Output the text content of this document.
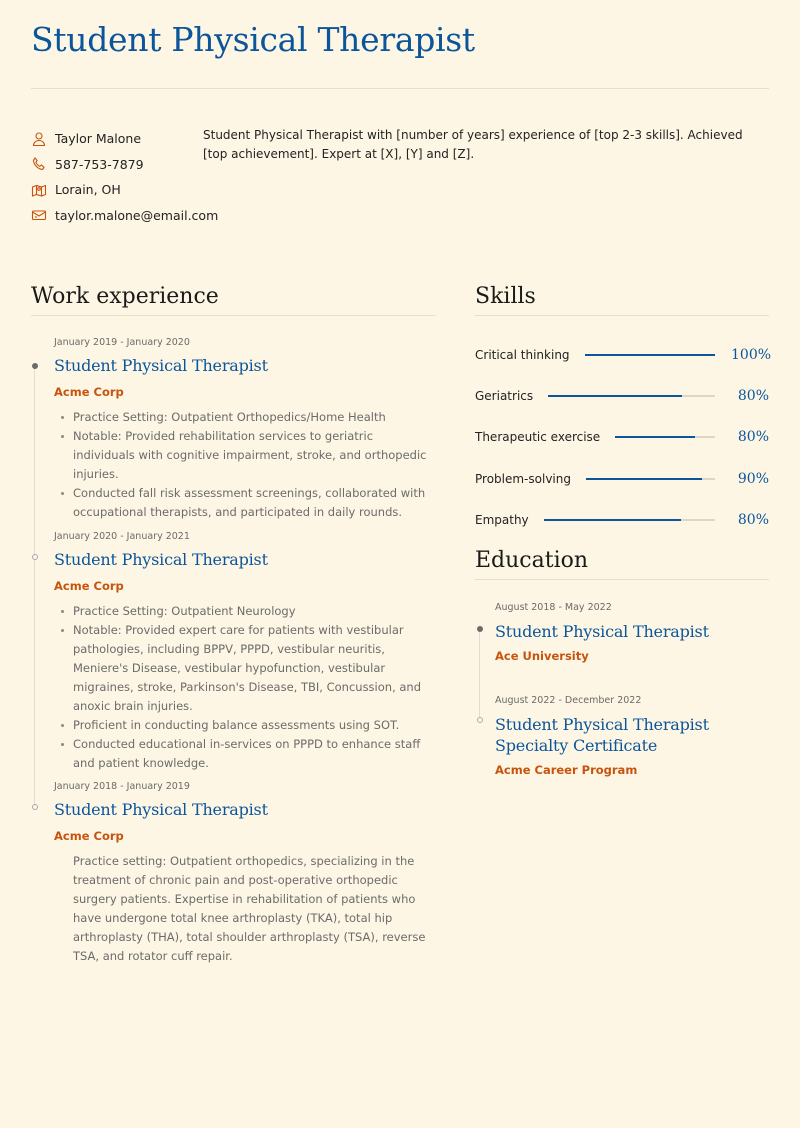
Student Physical Therapist
Taylor Malone
587-753-7879
Lorain, OH
taylor.malone@email.com

Student Physical Therapist with [number of years] experience of [top 2-3 skills]. Achieved [top achievement]. Expert at [X], [Y] and [Z].

Work experience
January 2019 - January 2020
Student Physical Therapist
Acme Corp
Practice Setting: Outpatient Orthopedics/Home Health
Notable: Provided rehabilitation services to geriatric individuals with cognitive impairment, stroke, and orthopedic injuries.
Conducted fall risk assessment screenings, collaborated with occupational therapists, and participated in daily rounds.
January 2020 - January 2021
Student Physical Therapist
Acme Corp
Practice Setting: Outpatient Neurology
Notable: Provided expert care for patients with vestibular pathologies, including BPPV, PPPD, vestibular neuritis, Meniere's Disease, vestibular hypofunction, vestibular migraines, stroke, Parkinson's Disease, TBI, Concussion, and anoxic brain injuries.
Proficient in conducting balance assessments using SOT.
Conducted educational in-services on PPPD to enhance staff and patient knowledge.
January 2018 - January 2019
Student Physical Therapist
Acme Corp

Practice setting: Outpatient orthopedics, specializing in the treatment of chronic pain and post-operative orthopedic surgery patients. Expertise in rehabilitation of patients who have undergone total knee arthroplasty (TKA), total hip arthroplasty (THA), total shoulder arthroplasty (TSA), reverse TSA, and rotator cuff repair.

Skills
Critical thinking	100%
Geriatrics	80%
Therapeutic exercise	80%
Problem-solving	90%
Empathy	80%
Education
August 2018 - May 2022
Student Physical Therapist
Ace University
August 2022 - December 2022
Student Physical Therapist Specialty Certificate
Acme Career Program
